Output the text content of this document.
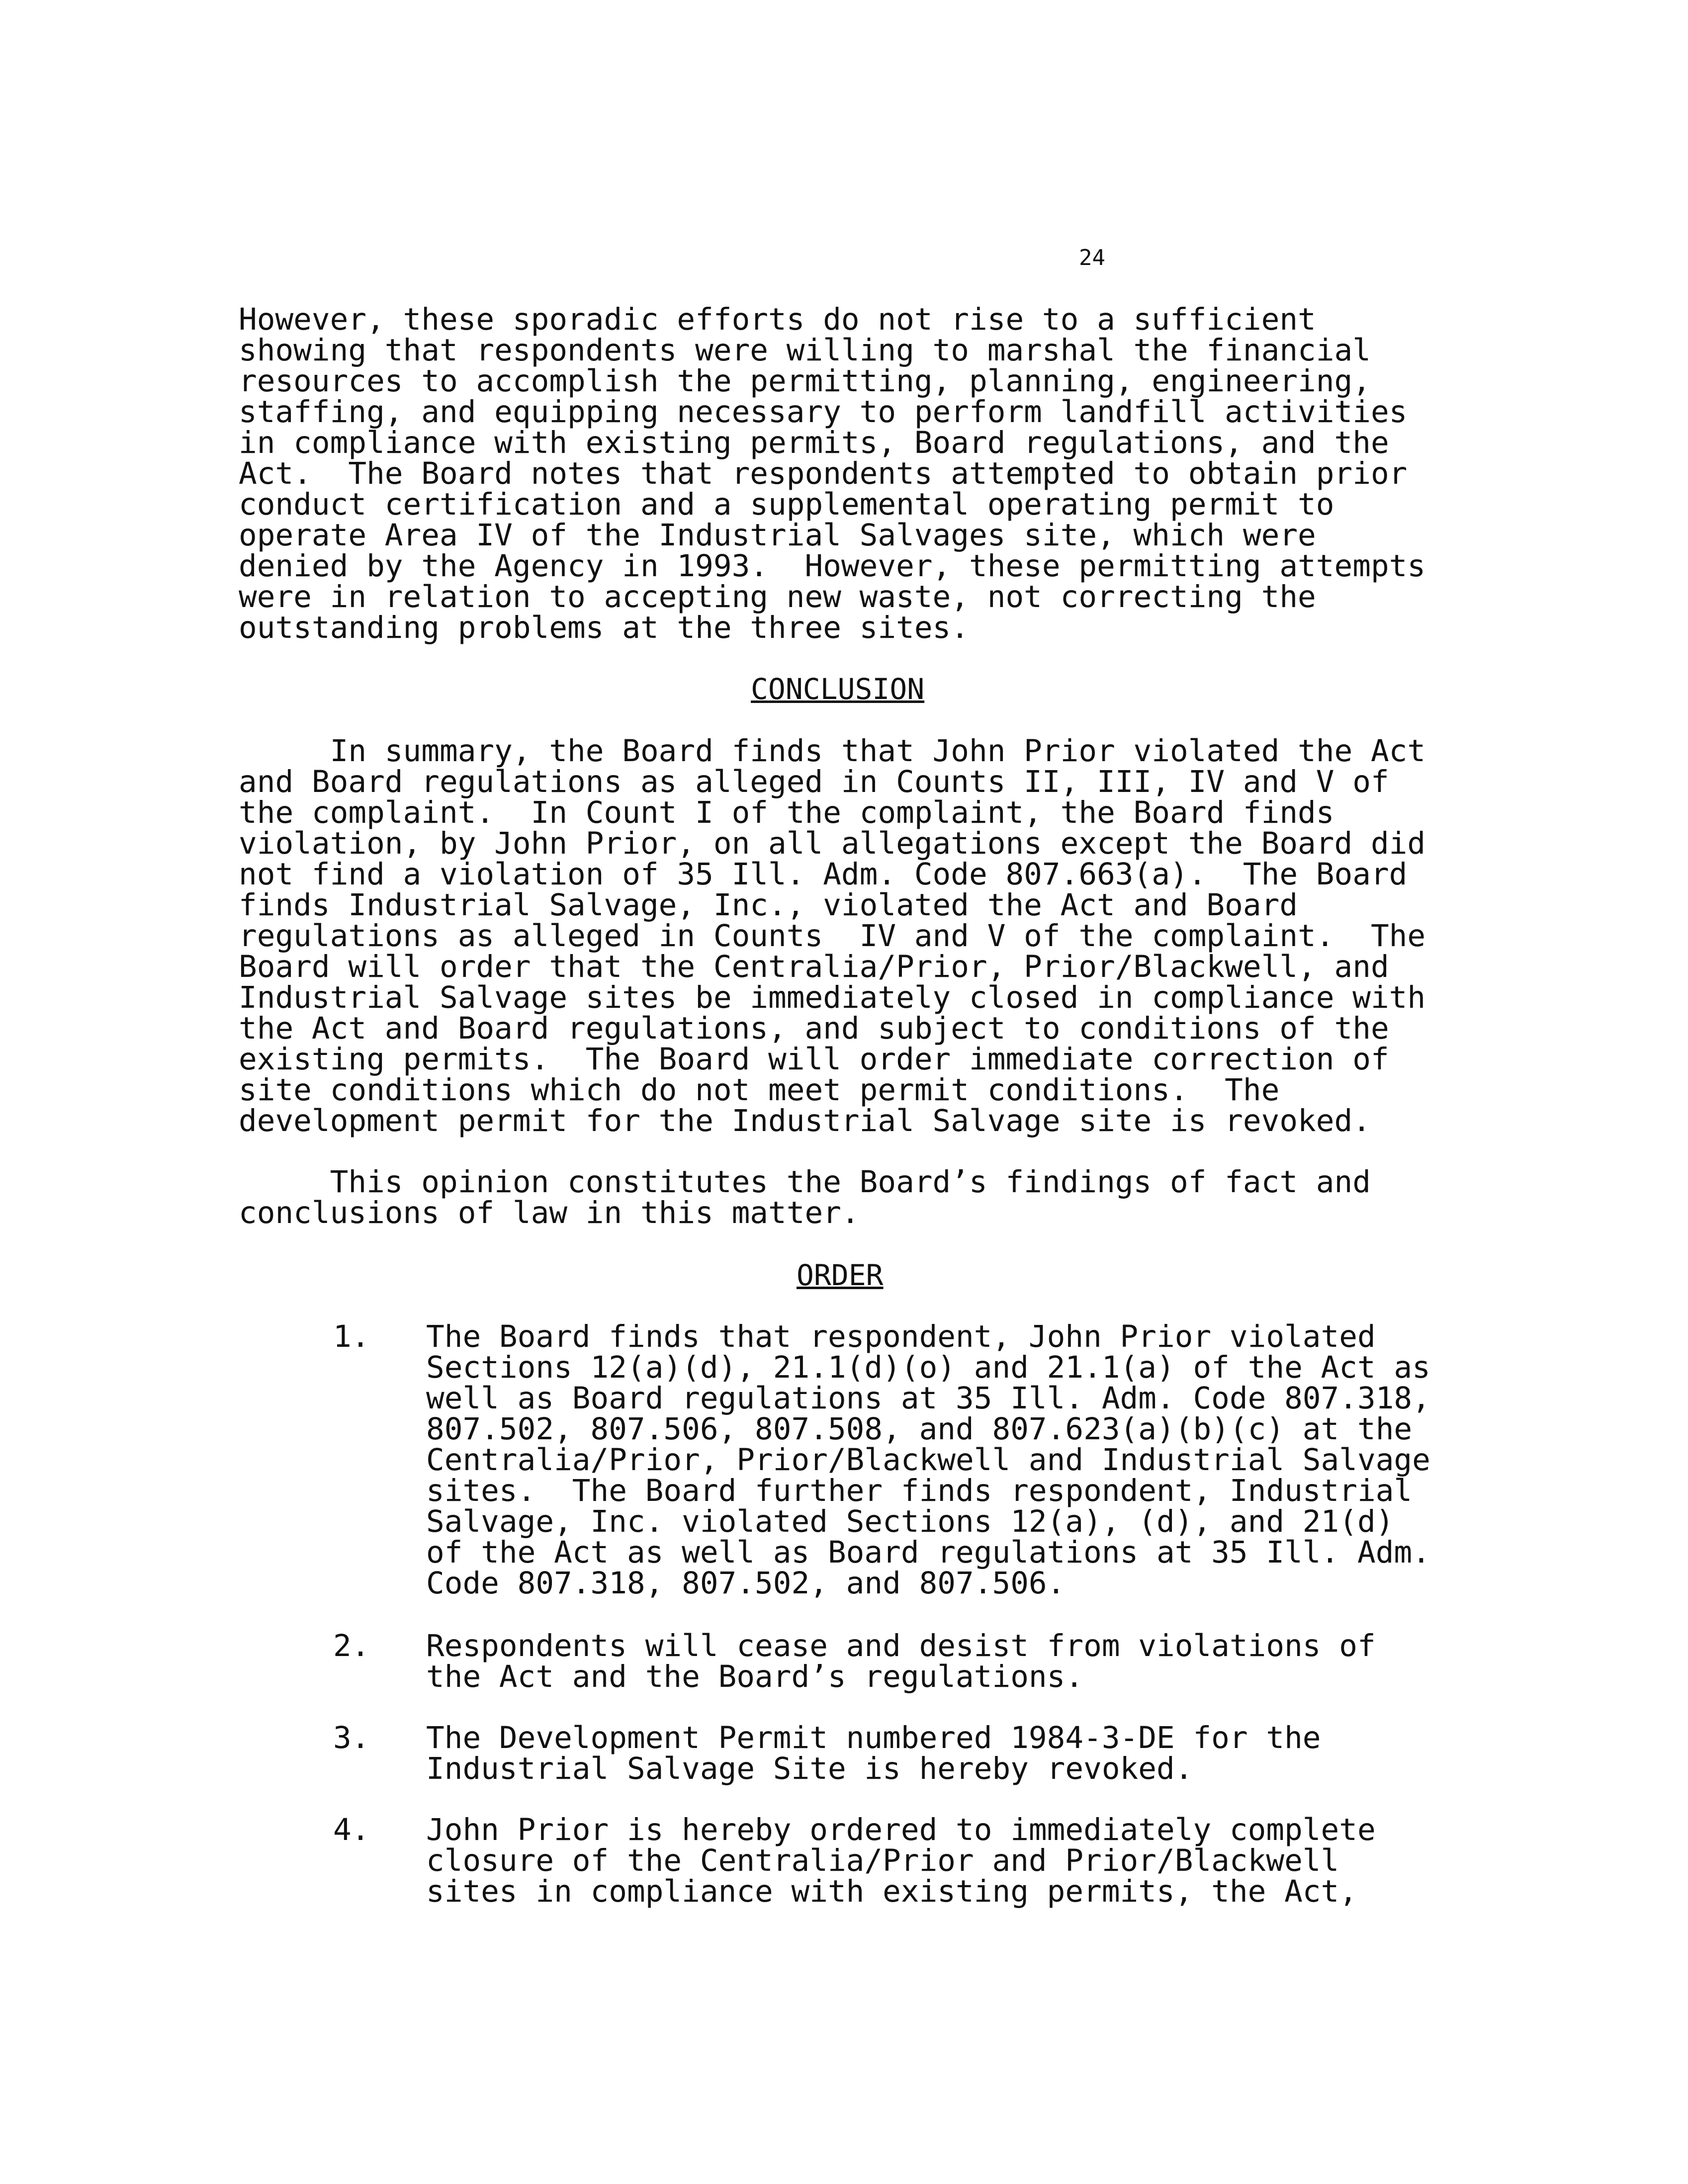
24
However, these sporadic efforts do not rise to a sufficient
showing that respondents were willing to marshal the financial
resources to accomplish the permitting, planning, engineering,
staffing, and equipping necessary to perform landfill activities
in compliance with existing permits, Board regulations, and the
Act.  The Board notes that respondents attempted to obtain prior
conduct certification and a supplemental operating permit to
operate Area IV of the Industrial Salvages site, which were
denied by the Agency in 1993.  However, these permitting attempts
were in relation to accepting new waste, not correcting the
outstanding problems at the three sites.
CONCLUSION
In summary, the Board finds that John Prior violated the Act
and Board regulations as alleged in Counts II, III, IV and V of
the complaint.  In Count I of the complaint, the Board finds
violation, by John Prior, on all allegations except the Board did
not find a violation of 35 Ill. Adm. Code 807.663(a).  The Board
finds Industrial Salvage, Inc., violated the Act and Board
regulations as alleged in Counts  IV and V of the complaint.  The
Board will order that the Centralia/Prior, Prior/Blackwell, and
Industrial Salvage sites be immediately closed in compliance with
the Act and Board regulations, and subject to conditions of the
existing permits.  The Board will order immediate correction of
site conditions which do not meet permit conditions.  The
development permit for the Industrial Salvage site is revoked.
This opinion constitutes the Board’s findings of fact and
conclusions of law in this matter.
ORDER
1. The Board finds that respondent, John Prior violated
Sections 12(a)(d), 21.1(d)(o) and 21.1(a) of the Act as
well as Board regulations at 35 Ill. Adm. Code 807.318,
807.502, 807.506, 807.508, and 807.623(a)(b)(c) at the
Centralia/Prior, Prior/Blackwell and Industrial Salvage
sites.  The Board further finds respondent, Industrial
Salvage, Inc. violated Sections 12(a), (d), and 21(d)
of the Act as well as Board regulations at 35 Ill. Adm.
Code 807.318, 807.502, and 807.506.
2. Respondents will cease and desist from violations of
the Act and the Board’s regulations.
3. The Development Permit numbered 1984-3-DE for the
Industrial Salvage Site is hereby revoked.
4. John Prior is hereby ordered to immediately complete
closure of the Centralia/Prior and Prior/Blackwell
sites in compliance with existing permits, the Act,
